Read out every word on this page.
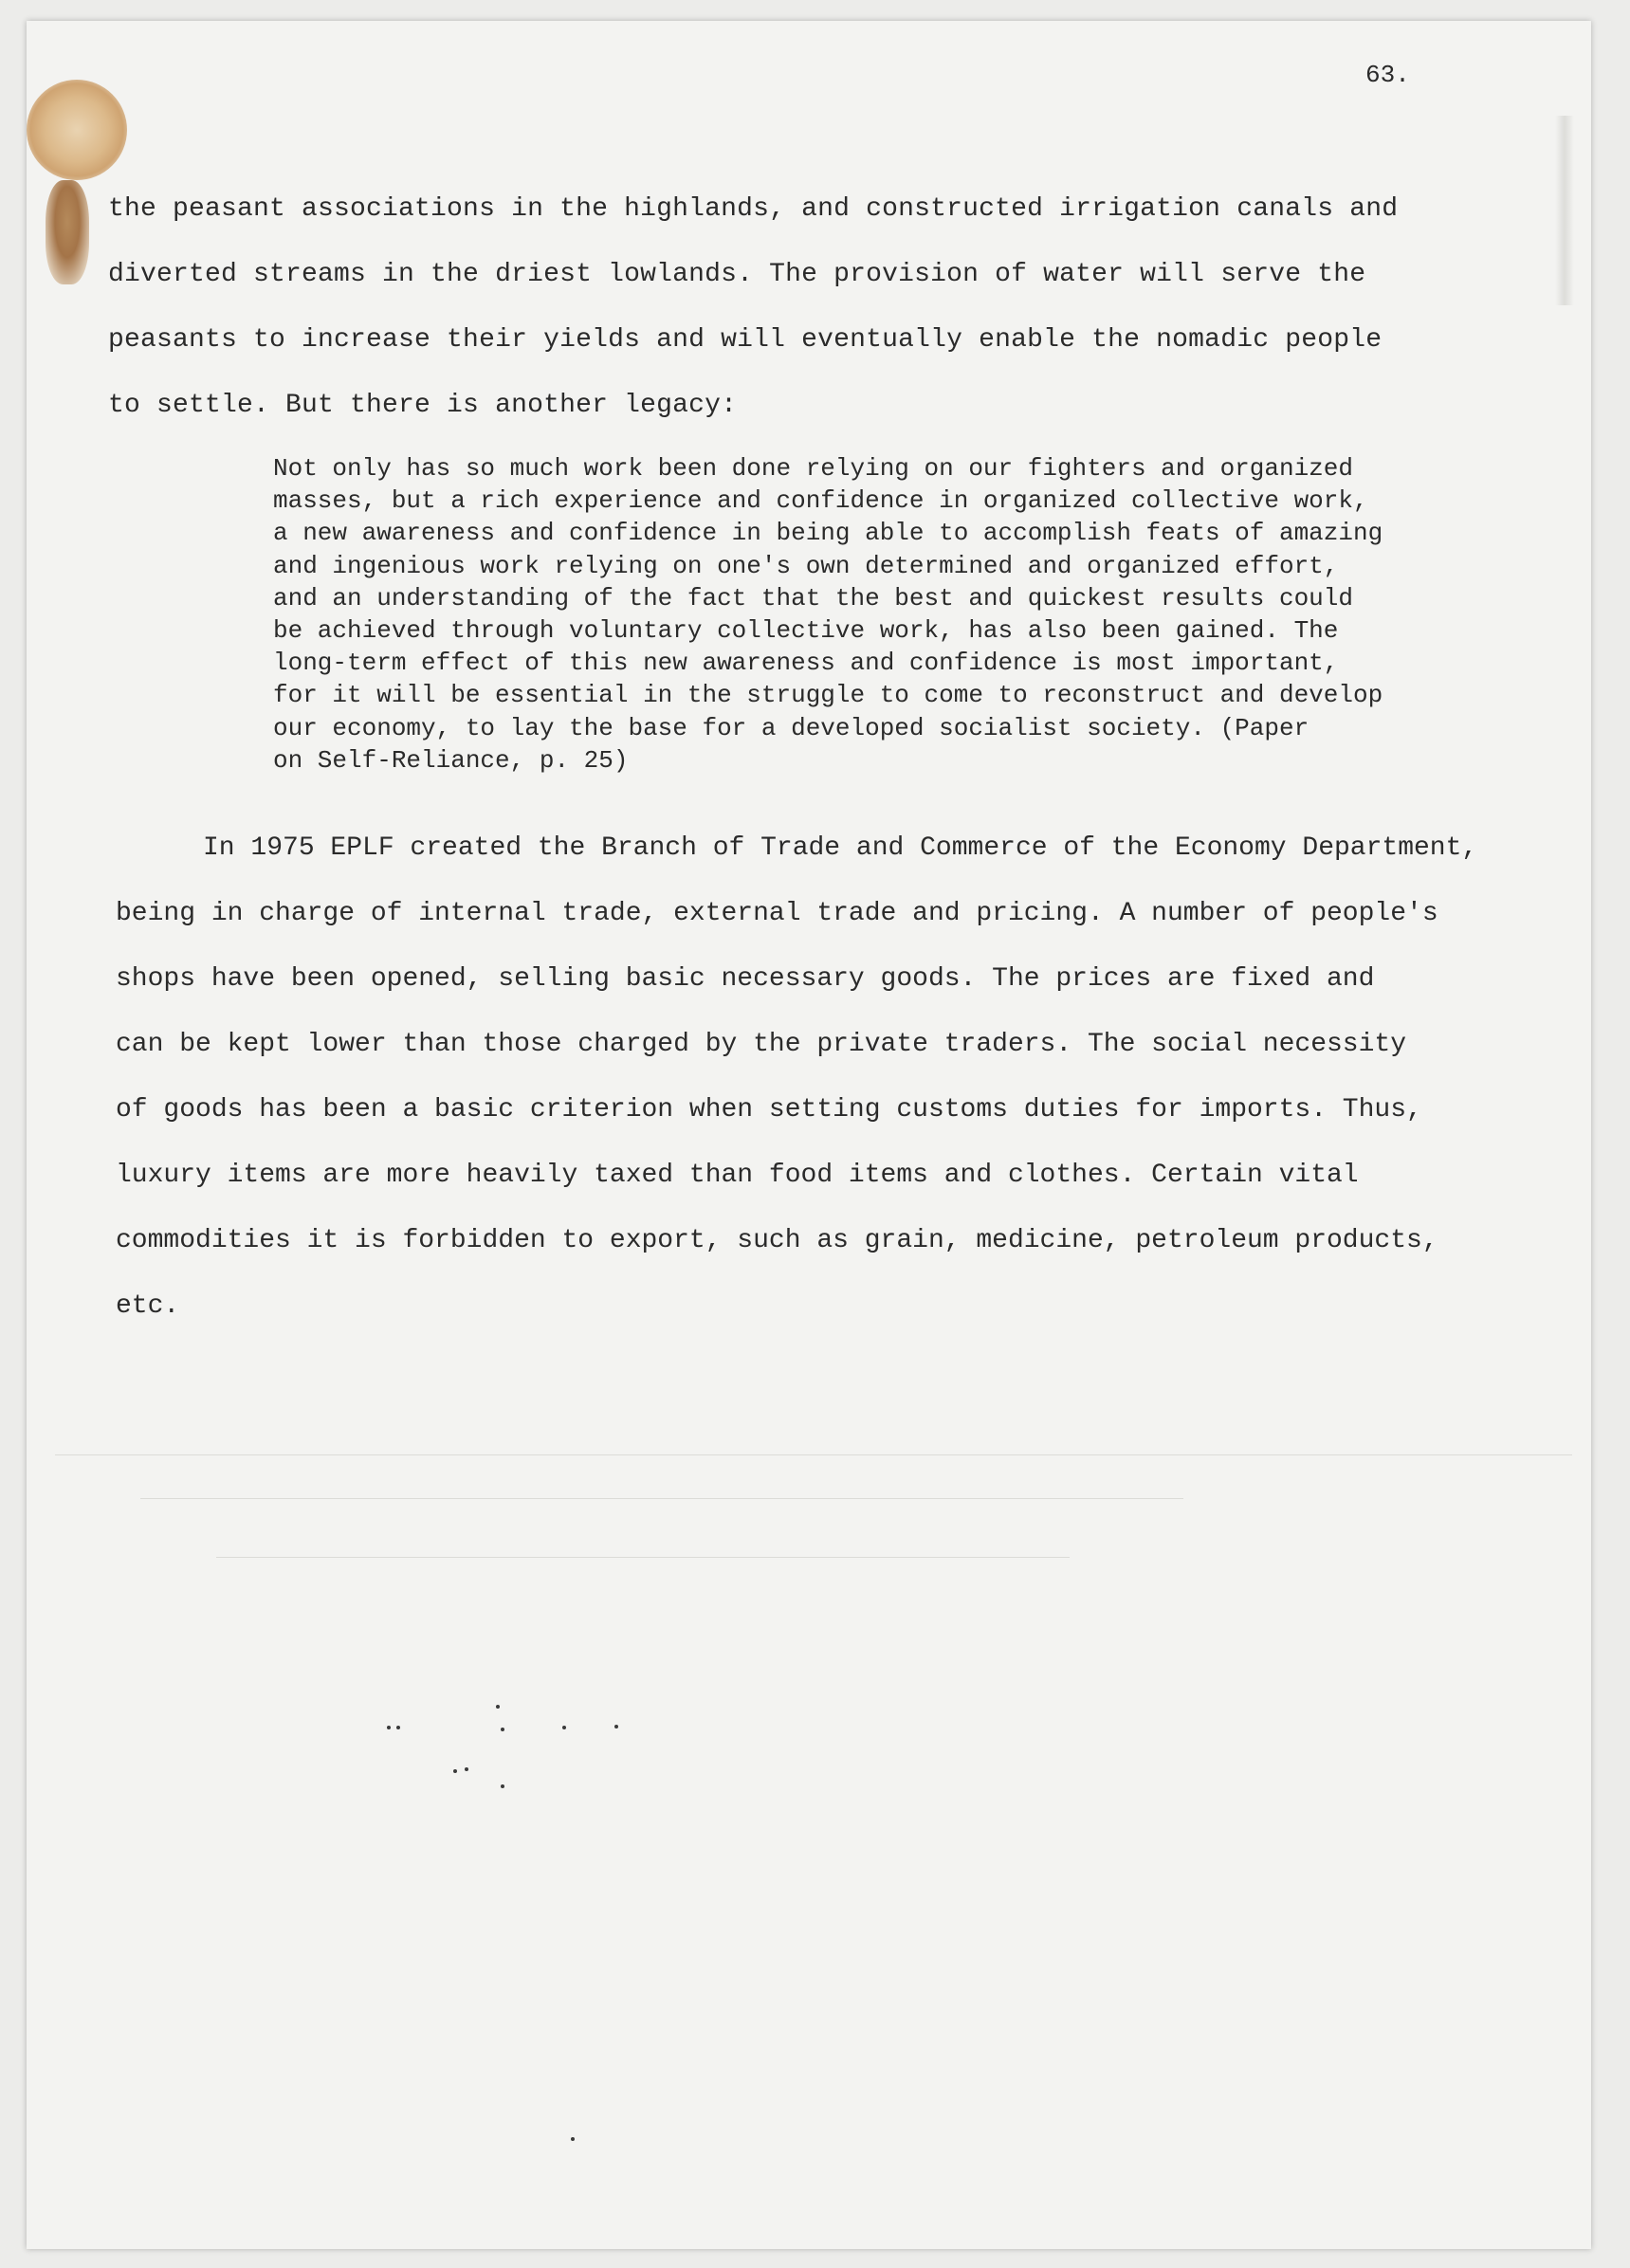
63.
the peasant associations in the highlands, and constructed irrigation canals and
diverted streams in the driest lowlands. The provision of water will serve the
peasants to increase their yields and will eventually enable the nomadic people
to settle. But there is another legacy:
Not only has so much work been done relying on our fighters and organized
masses, but a rich experience and confidence in organized collective work,
a new awareness and confidence in being able to accomplish feats of amazing
and ingenious work relying on one's own determined and organized effort,
and an understanding of the fact that the best and quickest results could
be achieved through voluntary collective work, has also been gained. The
long-term effect of this new awareness and confidence is most important,
for it will be essential in the struggle to come to reconstruct and develop
our economy, to lay the base for a developed socialist society. (Paper
on Self-Reliance, p. 25)
In 1975 EPLF created the Branch of Trade and Commerce of the Economy Department,
being in charge of internal trade, external trade and pricing. A number of people's
shops have been opened, selling basic necessary goods. The prices are fixed and
can be kept lower than those charged by the private traders. The social necessity
of goods has been a basic criterion when setting customs duties for imports. Thus,
luxury items are more heavily taxed than food items and clothes. Certain vital
commodities it is forbidden to export, such as grain, medicine, petroleum products,
etc.
